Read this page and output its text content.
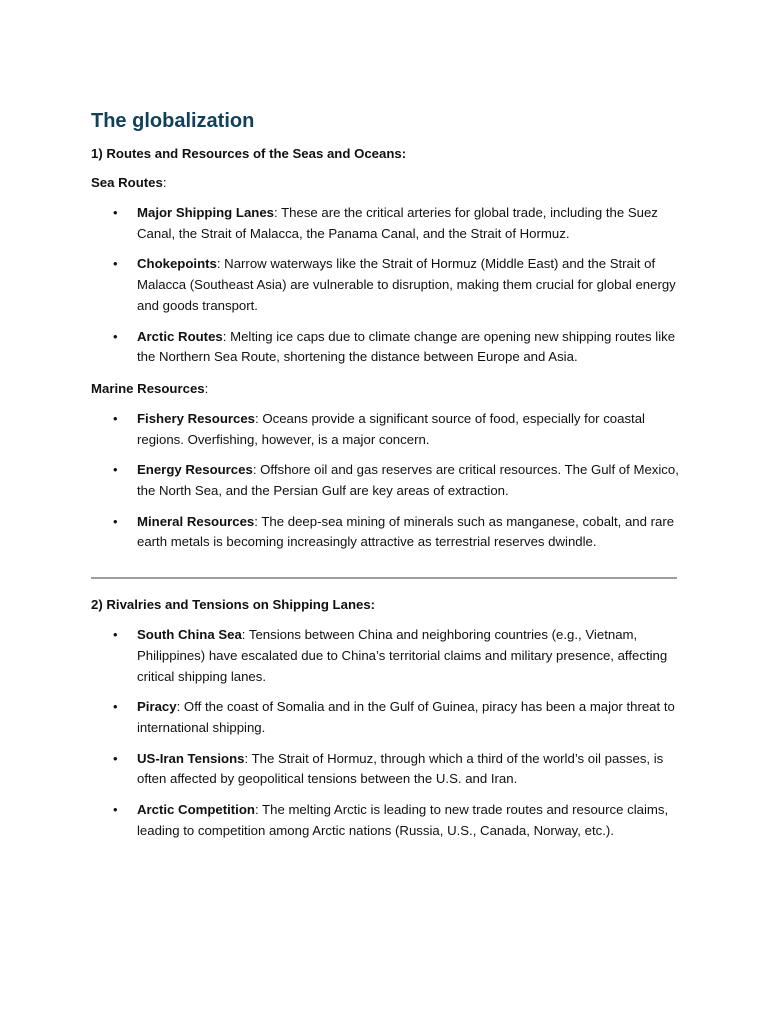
The globalization

1) Routes and Resources of the Seas and Oceans:

Sea Routes:

• Major Shipping Lanes: These are the critical arteries for global trade, including the Suez Canal, the Strait of Malacca, the Panama Canal, and the Strait of Hormuz.
• Chokepoints: Narrow waterways like the Strait of Hormuz (Middle East) and the Strait of Malacca (Southeast Asia) are vulnerable to disruption, making them crucial for global energy and goods transport.
• Arctic Routes: Melting ice caps due to climate change are opening new shipping routes like the Northern Sea Route, shortening the distance between Europe and Asia.

Marine Resources:

• Fishery Resources: Oceans provide a significant source of food, especially for coastal regions. Overfishing, however, is a major concern.
• Energy Resources: Offshore oil and gas reserves are critical resources. The Gulf of Mexico, the North Sea, and the Persian Gulf are key areas of extraction.
• Mineral Resources: The deep-sea mining of minerals such as manganese, cobalt, and rare earth metals is becoming increasingly attractive as terrestrial reserves dwindle.

2) Rivalries and Tensions on Shipping Lanes:

• South China Sea: Tensions between China and neighboring countries (e.g., Vietnam, Philippines) have escalated due to China’s territorial claims and military presence, affecting critical shipping lanes.
• Piracy: Off the coast of Somalia and in the Gulf of Guinea, piracy has been a major threat to international shipping.
• US-Iran Tensions: The Strait of Hormuz, through which a third of the world’s oil passes, is often affected by geopolitical tensions between the U.S. and Iran.
• Arctic Competition: The melting Arctic is leading to new trade routes and resource claims, leading to competition among Arctic nations (Russia, U.S., Canada, Norway, etc.).
